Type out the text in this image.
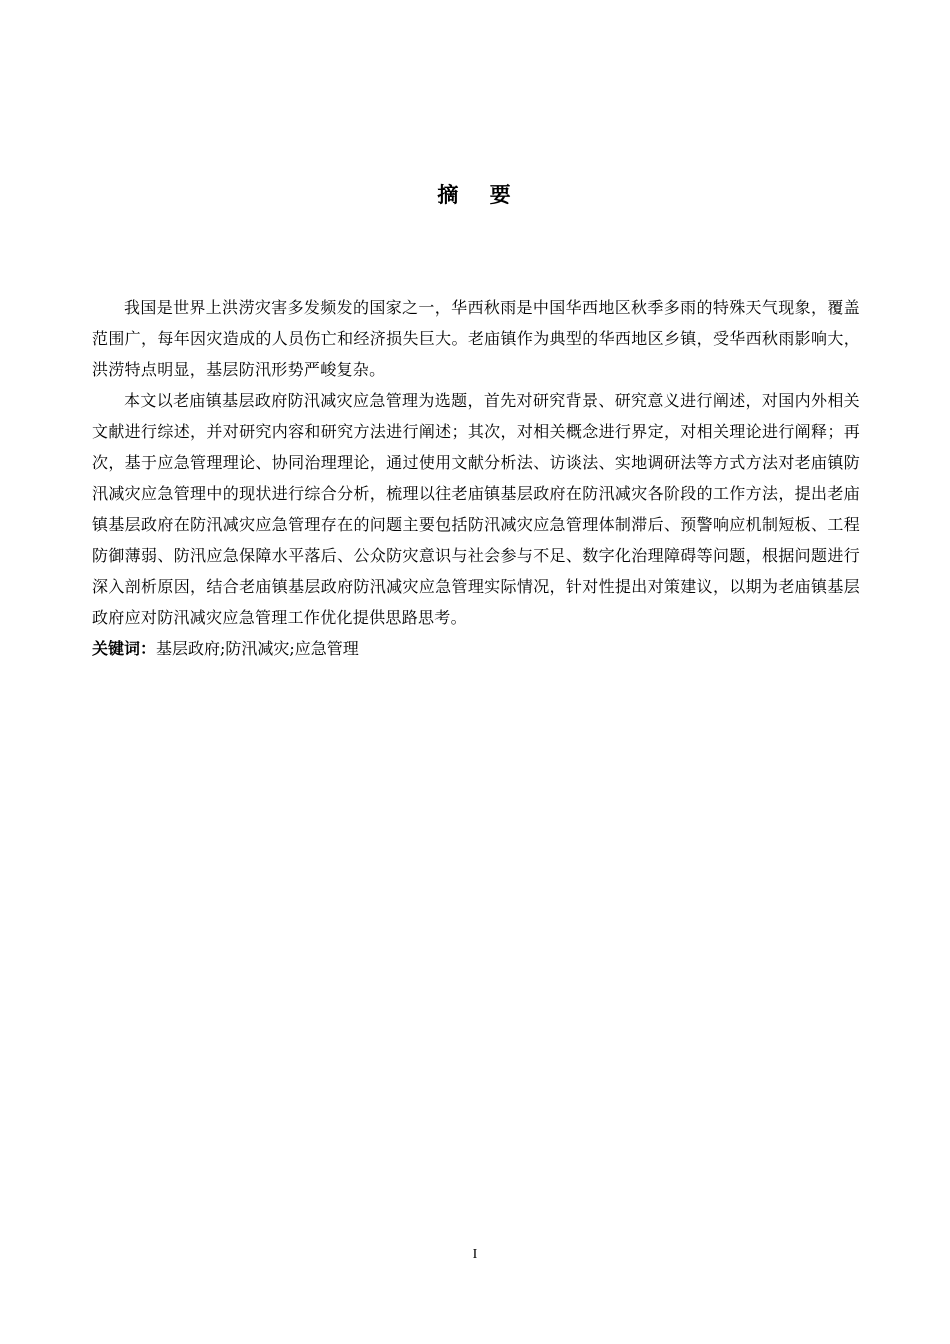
摘 要

我国是世界上洪涝灾害多发频发的国家之一，华西秋雨是中国华西地区秋季多雨的特殊天气现象，覆盖范围广，每年因灾造成的人员伤亡和经济损失巨大。老庙镇作为典型的华西地区乡镇，受华西秋雨影响大，洪涝特点明显，基层防汛形势严峻复杂。

本文以老庙镇基层政府防汛减灾应急管理为选题，首先对研究背景、研究意义进行阐述，对国内外相关文献进行综述，并对研究内容和研究方法进行阐述；其次，对相关概念进行界定，对相关理论进行阐释；再次，基于应急管理理论、协同治理理论，通过使用文献分析法、访谈法、实地调研法等方式方法对老庙镇防汛减灾应急管理中的现状进行综合分析，梳理以往老庙镇基层政府在防汛减灾各阶段的工作方法，提出老庙镇基层政府在防汛减灾应急管理存在的问题主要包括防汛减灾应急管理体制滞后、预警响应机制短板、工程防御薄弱、防汛应急保障水平落后、公众防灾意识与社会参与不足、数字化治理障碍等问题，根据问题进行深入剖析原因，结合老庙镇基层政府防汛减灾应急管理实际情况，针对性提出对策建议，以期为老庙镇基层政府应对防汛减灾应急管理工作优化提供思路思考。

关键词：基层政府;防汛减灾;应急管理

I
